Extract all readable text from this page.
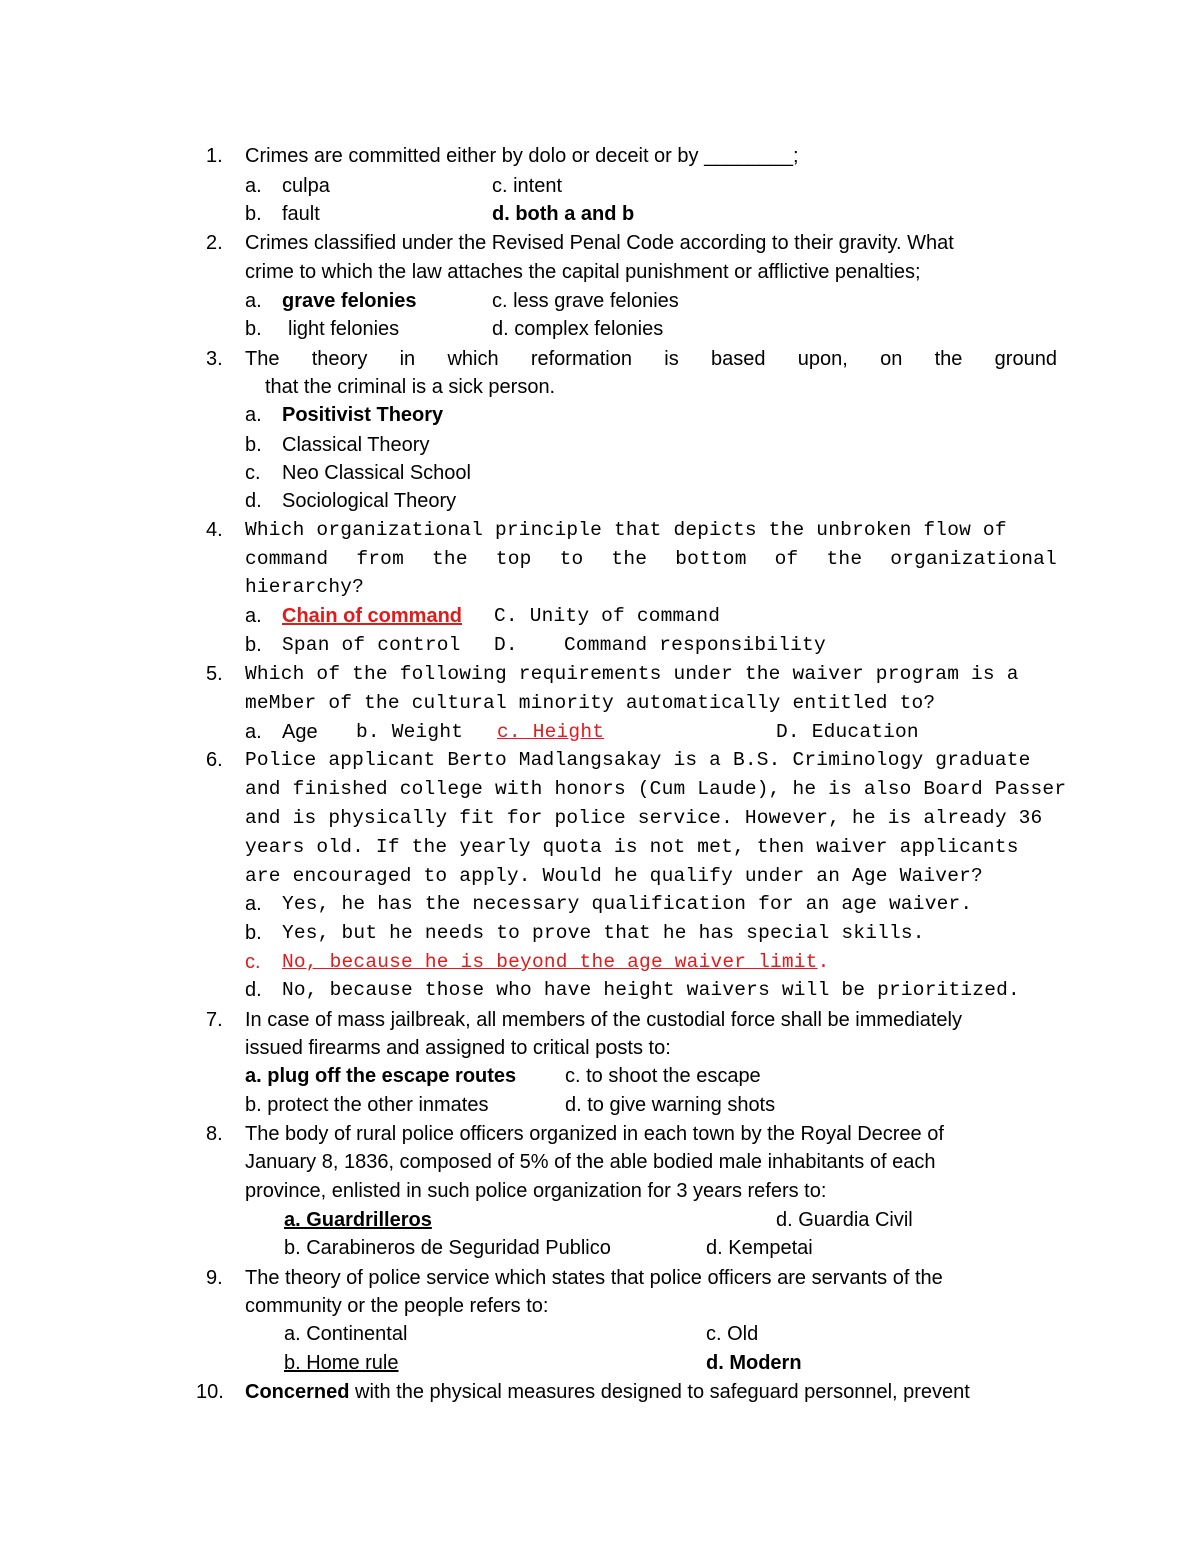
1. Crimes are committed either by dolo or deceit or by ________;
a. culpa	c. intent
b. fault	d. both a and b
2. Crimes classified under the Revised Penal Code according to their gravity. What
crime to which the law attaches the capital punishment or afflictive penalties;
a. grave felonies	c. less grave felonies
b. light felonies	d. complex felonies
3. The theory in which reformation is based upon, on the ground
that the criminal is a sick person.
a. Positivist Theory
b. Classical Theory
c. Neo Classical School
d. Sociological Theory
4. Which organizational principle that depicts the unbroken flow of
command from the top to the bottom of the organizational
hierarchy?
a. Chain of command C. Unity of command
b. Span of control D. Command responsibility
5. Which of the following requirements under the waiver program is a
meMber of the cultural minority automatically entitled to?
a. Age b. Weight c. Height	D. Education
6. Police applicant Berto Madlangsakay is a B.S. Criminology graduate
and finished college with honors (Cum Laude), he is also Board Passer
and is physically fit for police service. However, he is already 36
years old. If the yearly quota is not met, then waiver applicants
are encouraged to apply. Would he qualify under an Age Waiver?
a. Yes, he has the necessary qualification for an age waiver.
b. Yes, but he needs to prove that he has special skills.
c. No, because he is beyond the age waiver limit.
d. No, because those who have height waivers will be prioritized.
7. In case of mass jailbreak, all members of the custodial force shall be immediately
issued firearms and assigned to critical posts to:
a. plug off the escape routes c. to shoot the escape
b. protect the other inmates	d. to give warning shots
8. The body of rural police officers organized in each town by the Royal Decree of
January 8, 1836, composed of 5% of the able bodied male inhabitants of each
province, enlisted in such police organization for 3 years refers to:
a. Guardrilleros	d. Guardia Civil
b. Carabineros de Seguridad Publico	d. Kempetai
9. The theory of police service which states that police officers are servants of the
community or the people refers to:
a. Continental	c. Old
b. Home rule	d. Modern
10. Concerned with the physical measures designed to safeguard personnel, prevent
